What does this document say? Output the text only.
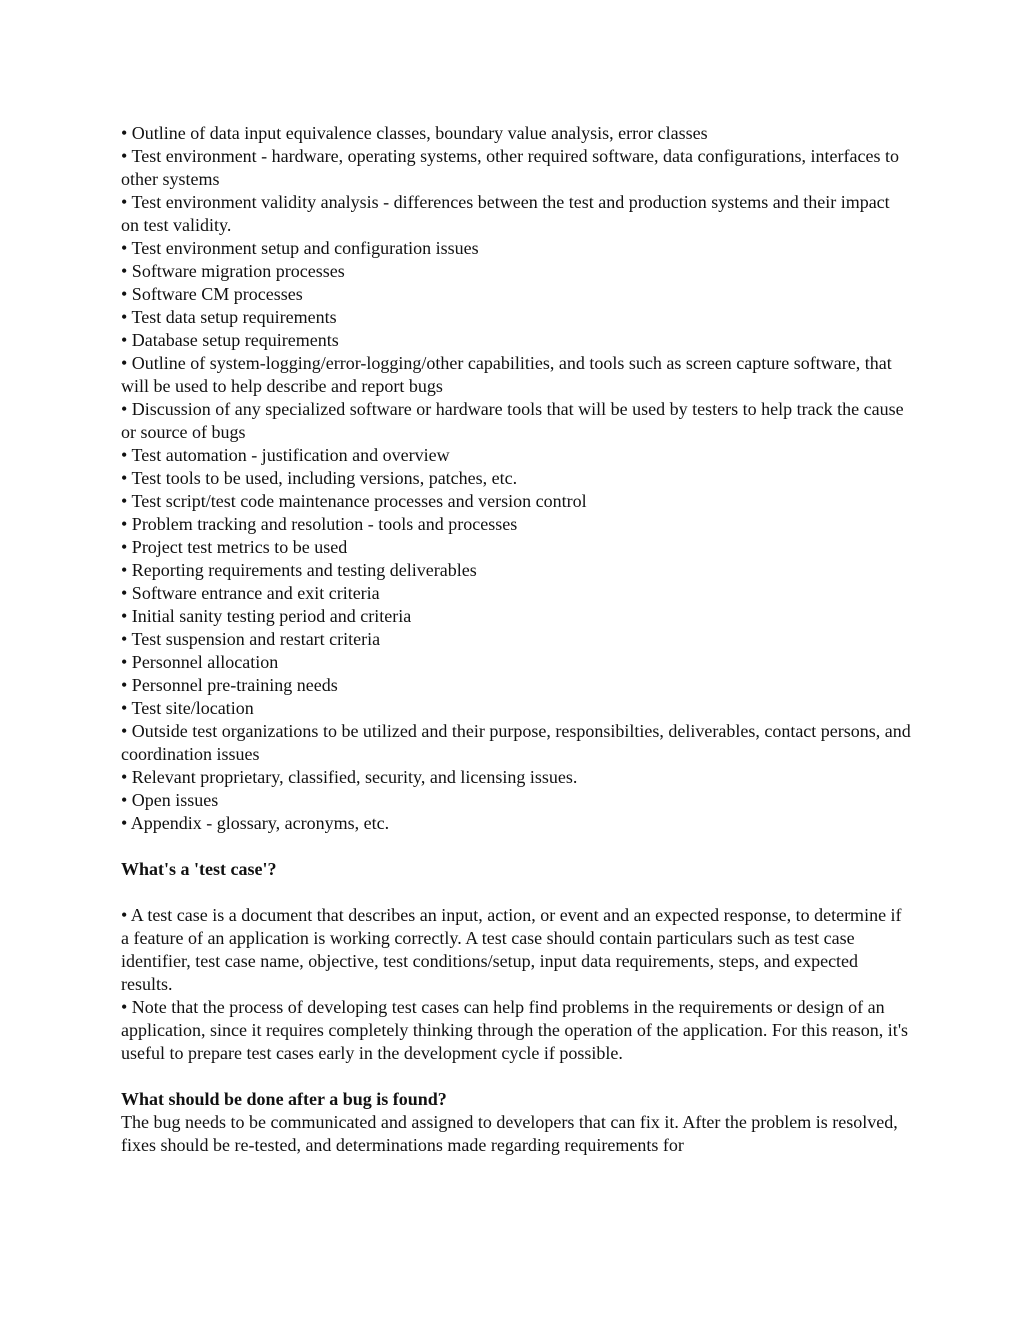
• Outline of data input equivalence classes, boundary value analysis, error classes

• Test environment - hardware, operating systems, other required software, data configurations, interfaces to other systems

• Test environment validity analysis - differences between the test and production systems and their impact on test validity.

• Test environment setup and configuration issues

• Software migration processes

• Software CM processes

• Test data setup requirements

• Database setup requirements

• Outline of system-logging/error-logging/other capabilities, and tools such as screen capture software, that will be used to help describe and report bugs

• Discussion of any specialized software or hardware tools that will be used by testers to help track the cause or source of bugs

• Test automation - justification and overview

• Test tools to be used, including versions, patches, etc.

• Test script/test code maintenance processes and version control

• Problem tracking and resolution - tools and processes

• Project test metrics to be used

• Reporting requirements and testing deliverables

• Software entrance and exit criteria

• Initial sanity testing period and criteria

• Test suspension and restart criteria

• Personnel allocation

• Personnel pre-training needs

• Test site/location

• Outside test organizations to be utilized and their purpose, responsibilties, deliverables, contact persons, and coordination issues

• Relevant proprietary, classified, security, and licensing issues.

• Open issues

• Appendix - glossary, acronyms, etc.

What's a 'test case'?

• A test case is a document that describes an input, action, or event and an expected response, to determine if a feature of an application is working correctly. A test case should contain particulars such as test case identifier, test case name, objective, test conditions/setup, input data requirements, steps, and expected results.

• Note that the process of developing test cases can help find problems in the requirements or design of an application, since it requires completely thinking through the operation of the application. For this reason, it's useful to prepare test cases early in the development cycle if possible.

What should be done after a bug is found?

The bug needs to be communicated and assigned to developers that can fix it. After the problem is resolved, fixes should be re-tested, and determinations made regarding requirements for
